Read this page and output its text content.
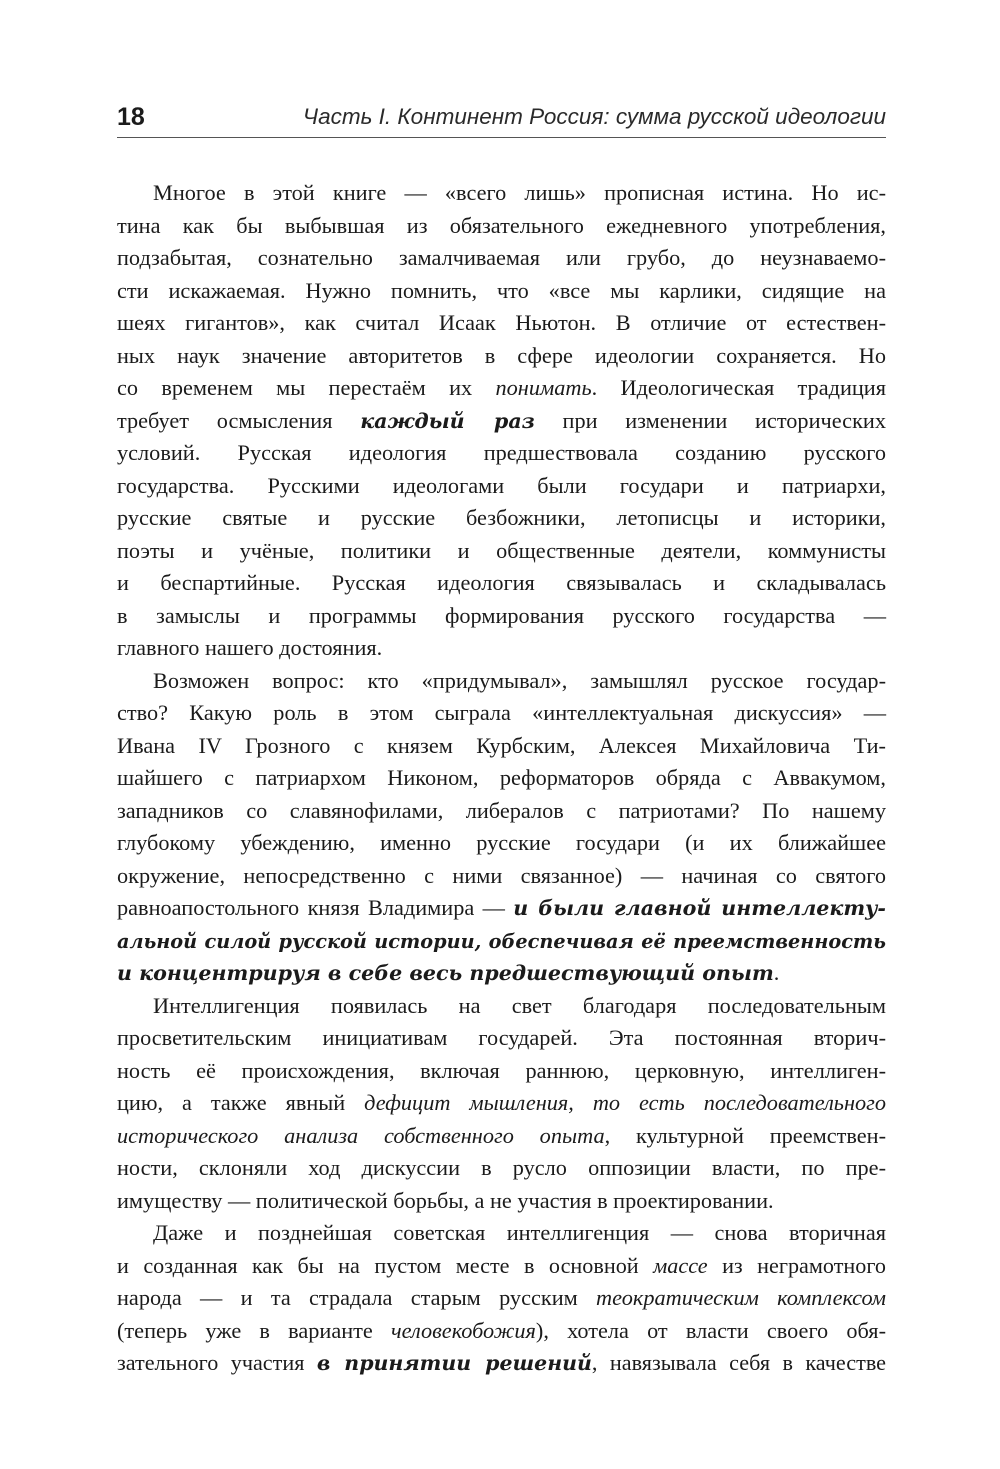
18	Часть I. Континент Россия: сумма русской идеологии
Многое в этой книге — «всего лишь» прописная истина. Но ис-
тина как бы выбывшая из обязательного ежедневного употребления,
подзабытая, сознательно замалчиваемая или грубо, до неузнаваемо-
сти искажаемая. Нужно помнить, что «все мы карлики, сидящие на
шеях гигантов», как считал Исаак Ньютон. В отличие от естествен-
ных наук значение авторитетов в сфере идеологии сохраняется. Но
со временем мы перестаём их понимать. Идеологическая традиция
требует осмысления каждый раз при изменении исторических
условий. Русская идеология предшествовала созданию русского
государства. Русскими идеологами были государи и патриархи,
русские святые и русские безбожники, летописцы и историки,
поэты и учёные, политики и общественные деятели, коммунисты
и беспартийные. Русская идеология связывалась и складывалась
в замыслы и программы формирования русского государства —
главного нашего достояния.
Возможен вопрос: кто «придумывал», замышлял русское государ-
ство? Какую роль в этом сыграла «интеллектуальная дискуссия» —
Ивана IV Грозного с князем Курбским, Алексея Михайловича Ти-
шайшего с патриархом Никоном, реформаторов обряда с Аввакумом,
западников со славянофилами, либералов с патриотами? По нашему
глубокому убеждению, именно русские государи (и их ближайшее
окружение, непосредственно с ними связанное) — начиная со святого
равноапостольного князя Владимира — и были главной интеллекту-
альной силой русской истории, обеспечивая её преемственность
и концентрируя в себе весь предшествующий опыт.
Интеллигенция появилась на свет благодаря последовательным
просветительским инициативам государей. Эта постоянная вторич-
ность её происхождения, включая раннюю, церковную, интеллиген-
цию, а также явный дефицит мышления, то есть последовательного
исторического анализа собственного опыта, культурной преемствен-
ности, склоняли ход дискуссии в русло оппозиции власти, по пре-
имуществу — политической борьбы, а не участия в проектировании.
Даже и позднейшая советская интеллигенция — снова вторичная
и созданная как бы на пустом месте в основной массе из неграмотного
народа — и та страдала старым русским теократическим комплексом
(теперь уже в варианте человекобожия), хотела от власти своего обя-
зательного участия в принятии решений, навязывала себя в качестве
